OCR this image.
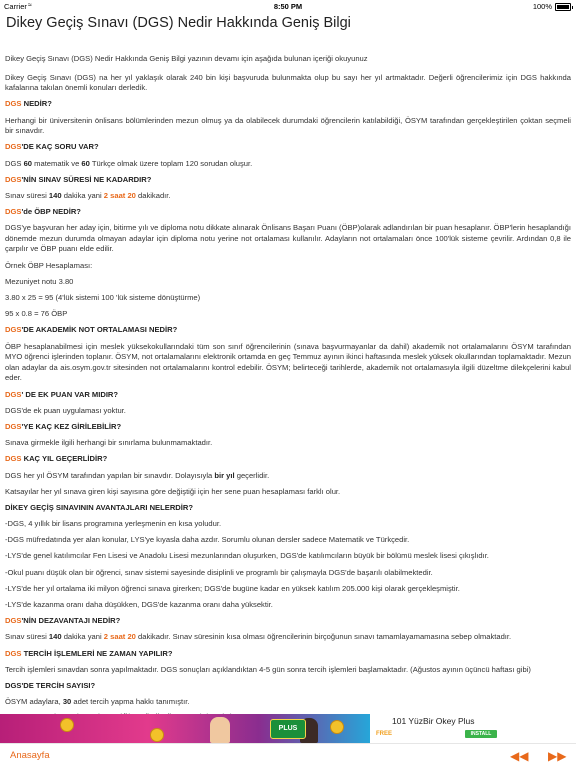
Carrier ≈	8:50 PM	100%
Dikey Geçiş Sınavı (DGS) Nedir Hakkında Geniş Bilgi

Dikey Geçiş Sınavı (DGS) Nedir Hakkında Geniş Bilgi yazının devamı için aşağıda bulunan içeriği okuyunuz

Dikey Geçiş Sınavı (DGS) na her yıl yaklaşık olarak 240 bin kişi başvuruda bulunmakta olup bu sayı her yıl artmaktadır. Değerli öğrencilerimiz için DGS hakkında kafalarına takılan önemli konuları derledik.

DGS NEDİR?

Herhangi bir üniversitenin önlisans bölümlerinden mezun olmuş ya da olabilecek durumdaki öğrencilerin katılabildiği, ÖSYM tarafından gerçekleştirilen çoktan seçmeli bir sınavdır.

DGS'DE KAÇ SORU VAR?

DGS 60 matematik ve 60 Türkçe olmak üzere toplam 120 sorudan oluşur.

DGS'NİN SINAV SÜRESİ NE KADARDIR?

Sınav süresi 140 dakika yani 2 saat 20 dakikadır.

DGS'de ÖBP NEDİR?

DGS'ye başvuran her aday için, bitirme yılı ve diploma notu dikkate alınarak Önlisans Başarı Puanı (ÖBP)olarak adlandırılan bir puan hesaplanır. ÖBP'lerin hesaplandığı dönemde mezun durumda olmayan adaylar için diploma notu yerine not ortalaması kullanılır. Adayların not ortalamaları önce 100'lük sisteme çevrilir. Ardından 0,8 ile çarpılır ve ÖBP puanı elde edilir.

Örnek ÖBP Hesaplaması:

Mezuniyet notu 3.80

3.80 x 25 = 95 (4'lük sistemi 100 'lük sisteme dönüştürme)

95 x 0.8 = 76 ÖBP

DGS'DE AKADEMİK NOT ORTALAMASI NEDİR?

ÖBP hesaplanabilmesi için meslek yüksekokullarındaki tüm son sınıf öğrencilerinin (sınava başvurmayanlar da dahil) akademik not ortalamalarını ÖSYM tarafından MYO öğrenci işlerinden toplanır. ÖSYM, not ortalamalarını elektronik ortamda en geç Temmuz ayının ikinci haftasında meslek yüksek okullarından toplamaktadır. Mezun olan adaylar da ais.osym.gov.tr sitesinden not ortalamalarını kontrol edebilir. ÖSYM; belirteceği tarihlerde, akademik not ortalamasıyla ilgili düzeltme dilekçelerini kabul eder.

DGS' DE EK PUAN VAR MIDIR?

DGS'de ek puan uygulaması yoktur.

DGS'YE KAÇ KEZ GİRİLEBİLİR?

Sınava girmekle ilgili herhangi bir sınırlama bulunmamaktadır.

DGS KAÇ YIL GEÇERLİDİR?

DGS her yıl ÖSYM tarafından yapılan bir sınavdır. Dolayısıyla bir yıl geçerlidir.

Katsayılar her yıl sınava giren kişi sayısına göre değiştiği için her sene puan hesaplaması farklı olur.

DİKEY GEÇİŞ SINAVININ AVANTAJLARI NELERDİR?

-DGS, 4 yıllık bir lisans programına yerleşmenin en kısa yoludur.

-DGS müfredatında yer alan konular, LYS'ye kıyasla daha azdır. Sorumlu olunan dersler sadece Matematik ve Türkçedir.

-LYS'de genel katılımcılar Fen Lisesi ve Anadolu Lisesi mezunlarından oluşurken, DGS'de katılımcıların büyük bir bölümü meslek lisesi çıkışlıdır.

-Okul puanı düşük olan bir öğrenci, sınav sistemi sayesinde disiplinli ve programlı bir çalışmayla DGS'de başarılı olabilmektedir.

-LYS'de her yıl ortalama iki milyon öğrenci sınava girerken; DGS'de bugüne kadar en yüksek katılım 205.000 kişi olarak gerçekleşmiştir.

-LYS'de kazanma oranı daha düşükken, DGS'de kazanma oranı daha yüksektir.

DGS'NİN DEZAVANTAJI NEDİR?

Sınav süresi 140 dakika yani 2 saat 20 dakikadır. Sınav süresinin kısa olması öğrencilerinin birçoğunun sınavı tamamlayamamasına sebep olmaktadır.

DGS TERCİH İŞLEMLERİ NE ZAMAN YAPILIR?

Tercih işlemleri sınavdan sonra yapılmaktadır. DGS sonuçları açıklandıktan 4-5 gün sonra tercih işlemleri başlamaktadır. (Ağustos ayının üçüncü haftası gibi)

DGS'DE TERCİH SAYISI?

ÖSYM adaylara, 30 adet tercih yapma hakkı tanımıştır.

PLUS
101 YüzBir Okey Plus
FREE	INSTALL
Anasayfa	◀◀ ▶▶
